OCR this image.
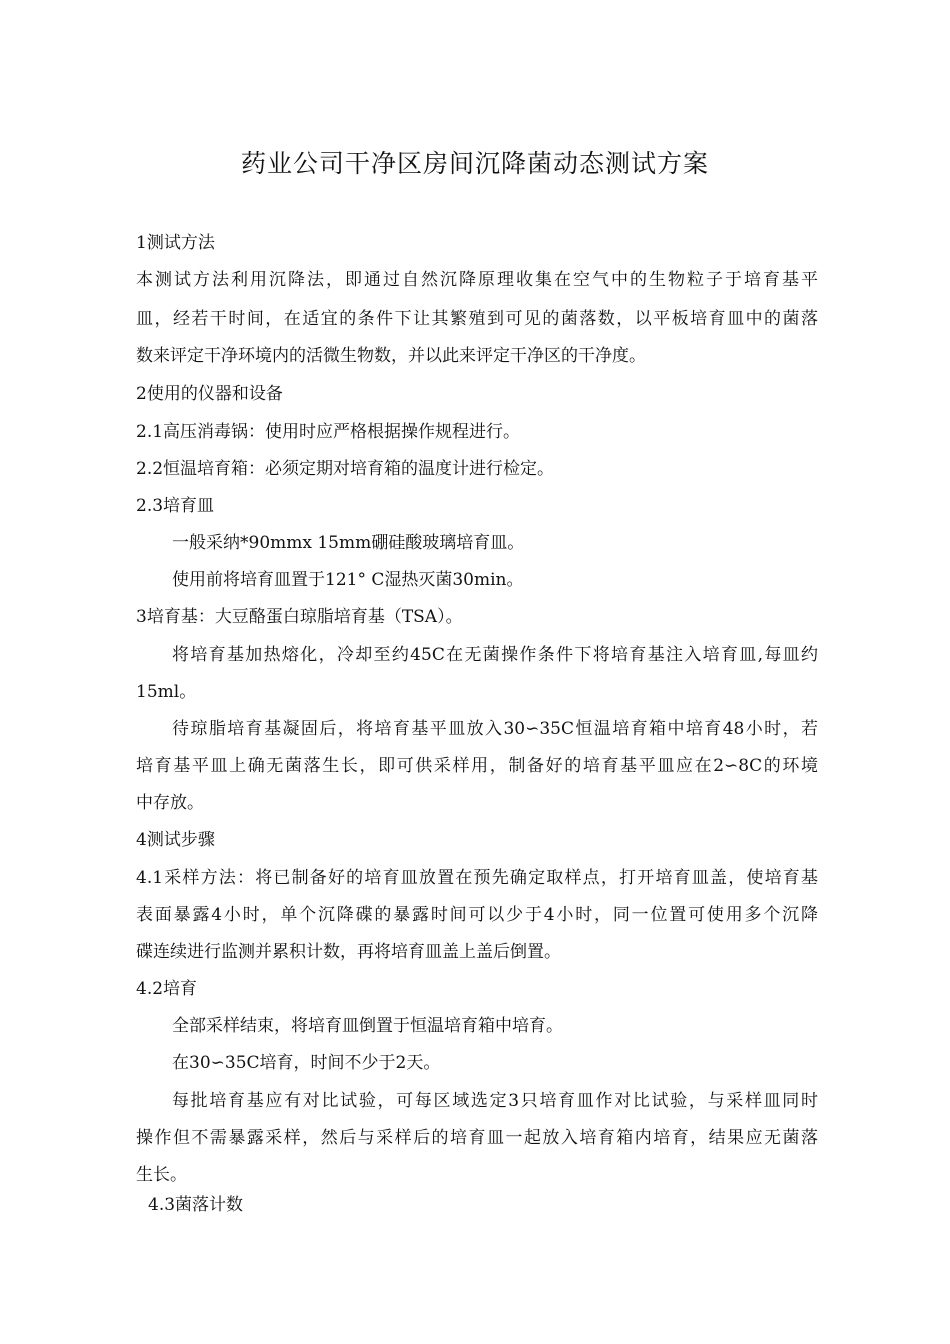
药业公司干净区房间沉降菌动态测试方案
1测试方法
本测试方法利用沉降法，即通过自然沉降原理收集在空气中的生物粒子于培育基平
皿，经若干时间，在适宜的条件下让其繁殖到可见的菌落数，以平板培育皿中的菌落
数来评定干净环境内的活微生物数，并以此来评定干净区的干净度。
2使用的仪器和设备
2.1高压消毒锅：使用时应严格根据操作规程进行。
2.2恒温培育箱：必须定期对培育箱的温度计进行检定。
2.3培育皿
一般采纳*90mmx 15mm硼硅酸玻璃培育皿。
使用前将培育皿置于121° C湿热灭菌30min。
3培育基：大豆酪蛋白琼脂培育基（TSA）。
将培育基加热熔化，冷却至约45C在无菌操作条件下将培育基注入培育皿,每皿约
15ml。
待琼脂培育基凝固后，将培育基平皿放入30∽35C恒温培育箱中培育48小时，若
培育基平皿上确无菌落生长，即可供采样用，制备好的培育基平皿应在2∽8C的环境
中存放。
4测试步骤
4.1采样方法：将已制备好的培育皿放置在预先确定取样点，打开培育皿盖，使培育基
表面暴露4小时，单个沉降碟的暴露时间可以少于4小时，同一位置可使用多个沉降
碟连续进行监测并累积计数，再将培育皿盖上盖后倒置。
4.2培育
全部采样结束，将培育皿倒置于恒温培育箱中培育。
在30∽35C培育，时间不少于2天。
每批培育基应有对比试验，可每区域选定3只培育皿作对比试验，与采样皿同时
操作但不需暴露采样，然后与采样后的培育皿一起放入培育箱内培育，结果应无菌落
生长。
4.3菌落计数
